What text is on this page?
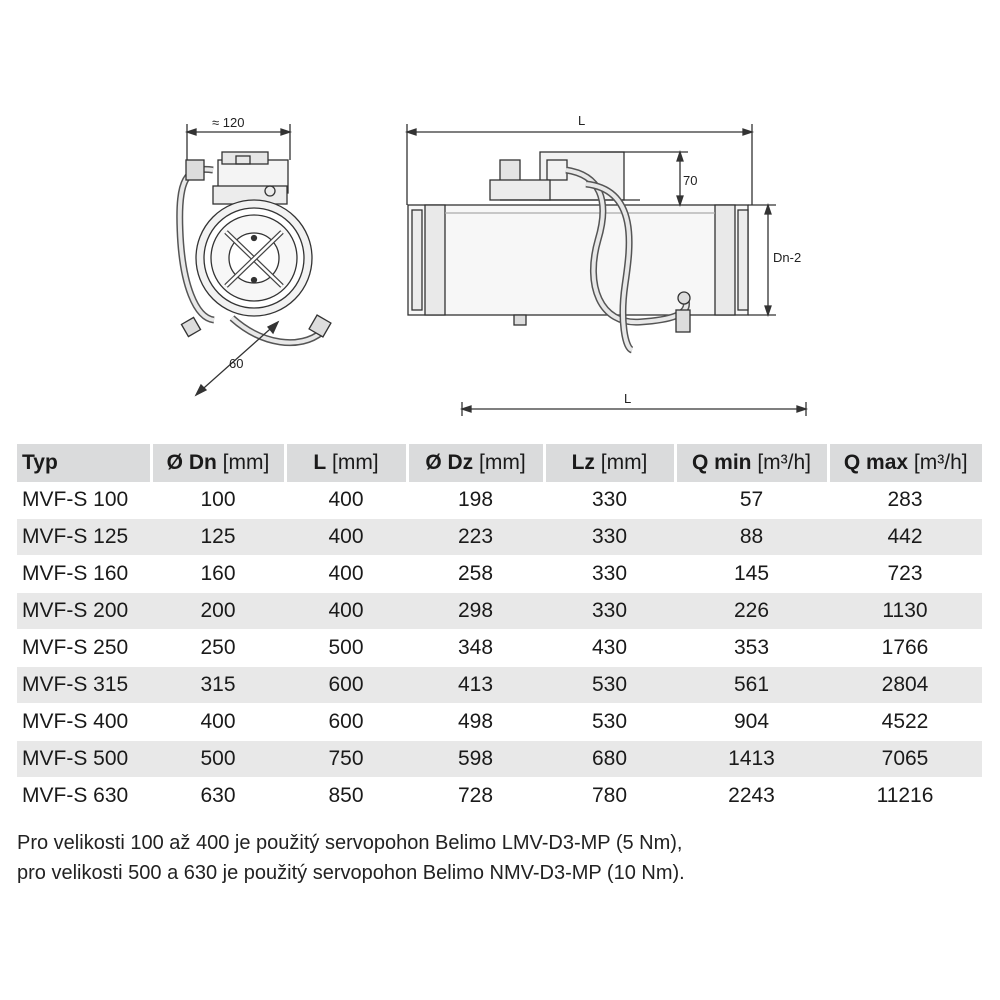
≈ 120
60
L
70
Dn-2
L
Typ	Ø Dn [mm]	L [mm]	Ø Dz [mm]	Lz [mm]	Q min [m³/h]	Q max [m³/h]
MVF-S 100	100	400	198	330	57	283
MVF-S 125	125	400	223	330	88	442
MVF-S 160	160	400	258	330	145	723
MVF-S 200	200	400	298	330	226	1130
MVF-S 250	250	500	348	430	353	1766
MVF-S 315	315	600	413	530	561	2804
MVF-S 400	400	600	498	530	904	4522
MVF-S 500	500	750	598	680	1413	7065
MVF-S 630	630	850	728	780	2243	11216
Pro velikosti 100 až 400 je použitý servopohon Belimo LMV-D3-MP (5 Nm),
pro velikosti 500 a 630 je použitý servopohon Belimo NMV-D3-MP (10 Nm).
